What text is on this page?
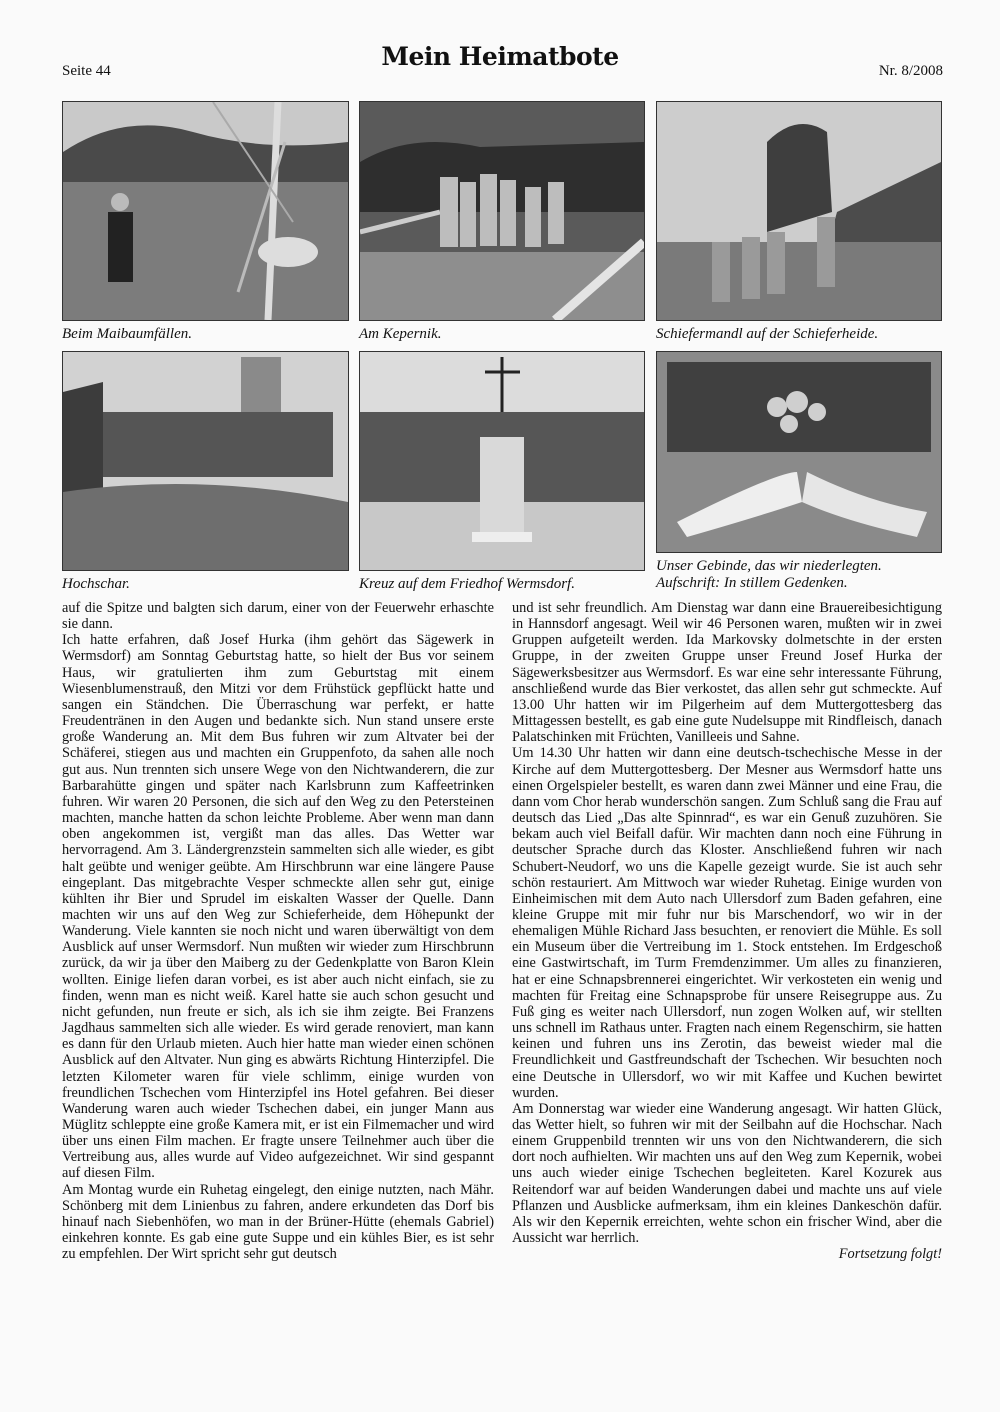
Seite 44	Mein Heimatbote	Nr. 8/2008

Beim Maibaumfällen.	Am Kepernik.	Schiefermandl auf der Schieferheide.

Hochschar.	Kreuz auf dem Friedhof Wermsdorf.

Unser Gebinde, das wir niederlegten. Aufschrift: In stillem Gedenken.

auf die Spitze und balgten sich darum, einer von der Feuerwehr erhaschte sie dann.

Ich hatte erfahren, daß Josef Hurka (ihm gehört das Sägewerk in Wermsdorf) am Sonntag Geburtstag hatte, so hielt der Bus vor seinem Haus, wir gratulierten ihm zum Geburtstag mit einem Wiesenblumenstrauß, den Mitzi vor dem Frühstück gepflückt hatte und sangen ein Ständchen. Die Überraschung war perfekt, er hatte Freudentränen in den Augen und bedankte sich. Nun stand unsere erste große Wanderung an. Mit dem Bus fuhren wir zum Altvater bei der Schäferei, stiegen aus und machten ein Gruppenfoto, da sahen alle noch gut aus. Nun trennten sich unsere Wege von den Nichtwanderern, die zur Barbarahütte gingen und später nach Karlsbrunn zum Kaffeetrinken fuhren. Wir waren 20 Personen, die sich auf den Weg zu den Petersteinen machten, manche hatten da schon leichte Probleme. Aber wenn man dann oben angekommen ist, vergißt man das alles. Das Wetter war hervorragend. Am 3. Ländergrenzstein sammelten sich alle wieder, es gibt halt geübte und weniger geübte. Am Hirschbrunn war eine längere Pause eingeplant. Das mitgebrachte Vesper schmeckte allen sehr gut, einige kühlten ihr Bier und Sprudel im eiskalten Wasser der Quelle. Dann machten wir uns auf den Weg zur Schieferheide, dem Höhepunkt der Wanderung. Viele kannten sie noch nicht und waren überwältigt von dem Ausblick auf unser Wermsdorf. Nun mußten wir wieder zum Hirschbrunn zurück, da wir ja über den Maiberg zu der Gedenkplatte von Baron Klein wollten. Einige liefen daran vorbei, es ist aber auch nicht einfach, sie zu finden, wenn man es nicht weiß. Karel hatte sie auch schon gesucht und nicht gefunden, nun freute er sich, als ich sie ihm zeigte. Bei Franzens Jagdhaus sammelten sich alle wieder. Es wird gerade renoviert, man kann es dann für den Urlaub mieten. Auch hier hatte man wieder einen schönen Ausblick auf den Altvater. Nun ging es abwärts Richtung Hinterzipfel. Die letzten Kilometer waren für viele schlimm, einige wurden von freundlichen Tschechen vom Hinterzipfel ins Hotel gefahren. Bei dieser Wanderung waren auch wieder Tschechen dabei, ein junger Mann aus Müglitz schleppte eine große Kamera mit, er ist ein Filmemacher und wird über uns einen Film machen. Er fragte unsere Teilnehmer auch über die Vertreibung aus, alles wurde auf Video aufgezeichnet. Wir sind gespannt auf diesen Film.

Am Montag wurde ein Ruhetag eingelegt, den einige nutzten, nach Mähr. Schönberg mit dem Linienbus zu fahren, andere erkundeten das Dorf bis hinauf nach Siebenhöfen, wo man in der Brüner-Hütte (ehemals Gabriel) einkehren konnte. Es gab eine gute Suppe und ein kühles Bier, es ist sehr zu empfehlen. Der Wirt spricht sehr gut deutsch

und ist sehr freundlich. Am Dienstag war dann eine Brauereibesichtigung in Hannsdorf angesagt. Weil wir 46 Personen waren, mußten wir in zwei Gruppen aufgeteilt werden. Ida Markovsky dolmetschte in der ersten Gruppe, in der zweiten Gruppe unser Freund Josef Hurka der Sägewerksbesitzer aus Wermsdorf. Es war eine sehr interessante Führung, anschließend wurde das Bier verkostet, das allen sehr gut schmeckte. Auf 13.00 Uhr hatten wir im Pilgerheim auf dem Muttergottesberg das Mittagessen bestellt, es gab eine gute Nudelsuppe mit Rindfleisch, danach Palatschinken mit Früchten, Vanilleeis und Sahne.

Um 14.30 Uhr hatten wir dann eine deutsch-tschechische Messe in der Kirche auf dem Muttergottesberg. Der Mesner aus Wermsdorf hatte uns einen Orgelspieler bestellt, es waren dann zwei Männer und eine Frau, die dann vom Chor herab wunderschön sangen. Zum Schluß sang die Frau auf deutsch das Lied „Das alte Spinnrad“, es war ein Genuß zuzuhören. Sie bekam auch viel Beifall dafür. Wir machten dann noch eine Führung in deutscher Sprache durch das Kloster. Anschließend fuhren wir nach Schubert-Neudorf, wo uns die Kapelle gezeigt wurde. Sie ist auch sehr schön restauriert. Am Mittwoch war wieder Ruhetag. Einige wurden von Einheimischen mit dem Auto nach Ullersdorf zum Baden gefahren, eine kleine Gruppe mit mir fuhr nur bis Marschendorf, wo wir in der ehemaligen Mühle Richard Jass besuchten, er renoviert die Mühle. Es soll ein Museum über die Vertreibung im 1. Stock entstehen. Im Erdgeschoß eine Gastwirtschaft, im Turm Fremdenzimmer. Um alles zu finanzieren, hat er eine Schnapsbrennerei eingerichtet. Wir verkosteten ein wenig und machten für Freitag eine Schnapsprobe für unsere Reisegruppe aus. Zu Fuß ging es weiter nach Ullersdorf, nun zogen Wolken auf, wir stellten uns schnell im Rathaus unter. Fragten nach einem Regenschirm, sie hatten keinen und fuhren uns ins Zerotin, das beweist wieder mal die Freundlichkeit und Gastfreundschaft der Tschechen. Wir besuchten noch eine Deutsche in Ullersdorf, wo wir mit Kaffee und Kuchen bewirtet wurden.

Am Donnerstag war wieder eine Wanderung angesagt. Wir hatten Glück, das Wetter hielt, so fuhren wir mit der Seilbahn auf die Hochschar. Nach einem Gruppenbild trennten wir uns von den Nichtwanderern, die sich dort noch aufhielten. Wir machten uns auf den Weg zum Kepernik, wobei uns auch wieder einige Tschechen begleiteten. Karel Kozurek aus Reitendorf war auf beiden Wanderungen dabei und machte uns auf viele Pflanzen und Ausblicke aufmerksam, ihm ein kleines Dankeschön dafür. Als wir den Kepernik erreichten, wehte schon ein frischer Wind, aber die Aussicht war herrlich.

Fortsetzung folgt!
